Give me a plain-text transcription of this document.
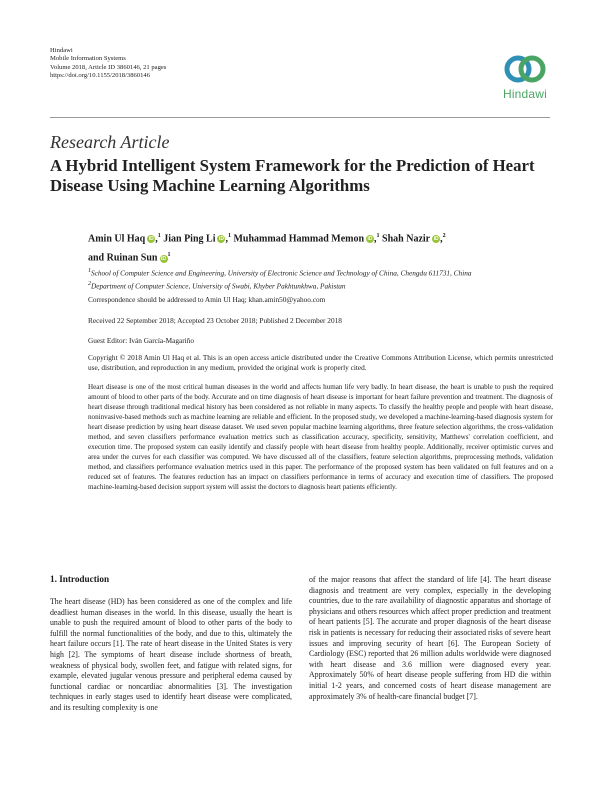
Hindawi
Mobile Information Systems
Volume 2018, Article ID 3860146, 21 pages
https://doi.org/10.1155/2018/3860146
Hindawi
Research Article
A Hybrid Intelligent System Framework for the Prediction of Heart Disease Using Machine Learning Algorithms
Amin Ul Haq iD ,$^1$ Jian Ping Li iD ,$^1$ Muhammad Hammad Memon iD ,$^1$ Shah Nazir iD ,$^2$
and Ruinan Sun $iD^1$
$^1$School of Computer Science and Engineering, University of Electronic Science and Technology of China, Chengdu 611731, China
$^2$Department of Computer Science, University of Swabi, Khyber Pakhtunkhwa, Pakistan
Correspondence should be addressed to Amin Ul Haq; khan.amin50@yahoo.com
Received 22 September 2018; Accepted 23 October 2018; Published 2 December 2018
Guest Editor: Iván García-Magariño
Copyright © 2018 Amin Ul Haq et al. This is an open access article distributed under the Creative Commons Attribution License, which permits unrestricted use, distribution, and reproduction in any medium, provided the original work is properly cited.
Heart disease is one of the most critical human diseases in the world and affects human life very badly. In heart disease, the heart is unable to push the required amount of blood to other parts of the body. Accurate and on time diagnosis of heart disease is important for heart failure prevention and treatment. The diagnosis of heart disease through traditional medical history has been considered as not reliable in many aspects. To classify the healthy people and people with heart disease, noninvasive-based methods such as machine learning are reliable and efficient. In the proposed study, we developed a machine-learning-based diagnosis system for heart disease prediction by using heart disease dataset. We used seven popular machine learning algorithms, three feature selection algorithms, the cross-validation method, and seven classifiers performance evaluation metrics such as classification accuracy, specificity, sensitivity, Matthews' correlation coefficient, and execution time. The proposed system can easily identify and classify people with heart disease from healthy people. Additionally, receiver optimistic curves and area under the curves for each classifier was computed. We have discussed all of the classifiers, feature selection algorithms, preprocessing methods, validation method, and classifiers performance evaluation metrics used in this paper. The performance of the proposed system has been validated on full features and on a reduced set of features. The features reduction has an impact on classifiers performance in terms of accuracy and execution time of classifiers. The proposed machine-learning-based decision support system will assist the doctors to diagnosis heart patients efficiently.
1. Introduction
The heart disease (HD) has been considered as one of the complex and life deadliest human diseases in the world. In this disease, usually the heart is unable to push the required amount of blood to other parts of the body to fulfill the normal functionalities of the body, and due to this, ultimately the heart failure occurs [1]. The rate of heart disease in the United States is very high [2]. The symptoms of heart disease include shortness of breath, weakness of physical body, swollen feet, and fatigue with related signs, for example, elevated jugular venous pressure and peripheral edema caused by functional cardiac or noncardiac abnormalities [3]. The investigation techniques in early stages used to identify heart disease were complicated, and its resulting complexity is one
of the major reasons that affect the standard of life [4]. The heart disease diagnosis and treatment are very complex, especially in the developing countries, due to the rare availability of diagnostic apparatus and shortage of physicians and others resources which affect proper prediction and treatment of heart patients [5]. The accurate and proper diagnosis of the heart disease risk in patients is necessary for reducing their associated risks of severe heart issues and improving security of heart [6]. The European Society of Cardiology (ESC) reported that 26 million adults worldwide were diagnosed with heart disease and 3.6 million were diagnosed every year. Approximately 50% of heart disease people suffering from HD die within initial 1-2 years, and concerned costs of heart disease management are approximately 3% of health-care financial budget [7].
